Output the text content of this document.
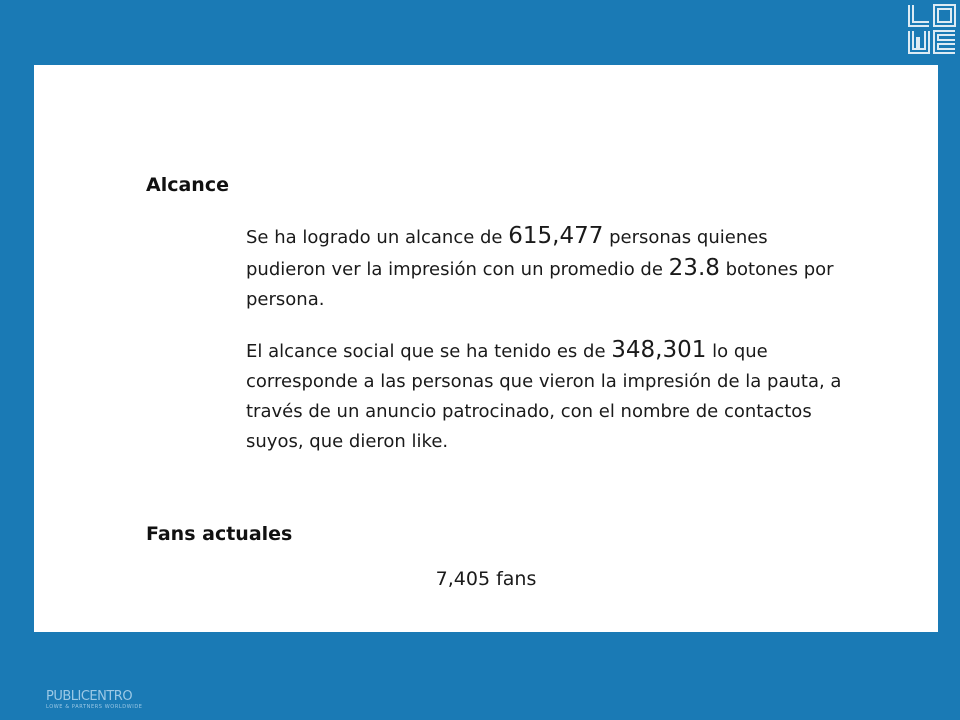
Alcance

Se ha logrado un alcance de 615,477 personas quienes pudieron ver la impresión con un promedio de 23.8 botones por persona.

El alcance social que se ha tenido es de 348,301 lo que corresponde a las personas que vieron la impresión de la pauta, a través de un anuncio patrocinado, con el nombre de contactos suyos, que dieron like.

Fans actuales
7,405 fans
PUBLICENTRO
LOWE & PARTNERS WORLDWIDE
